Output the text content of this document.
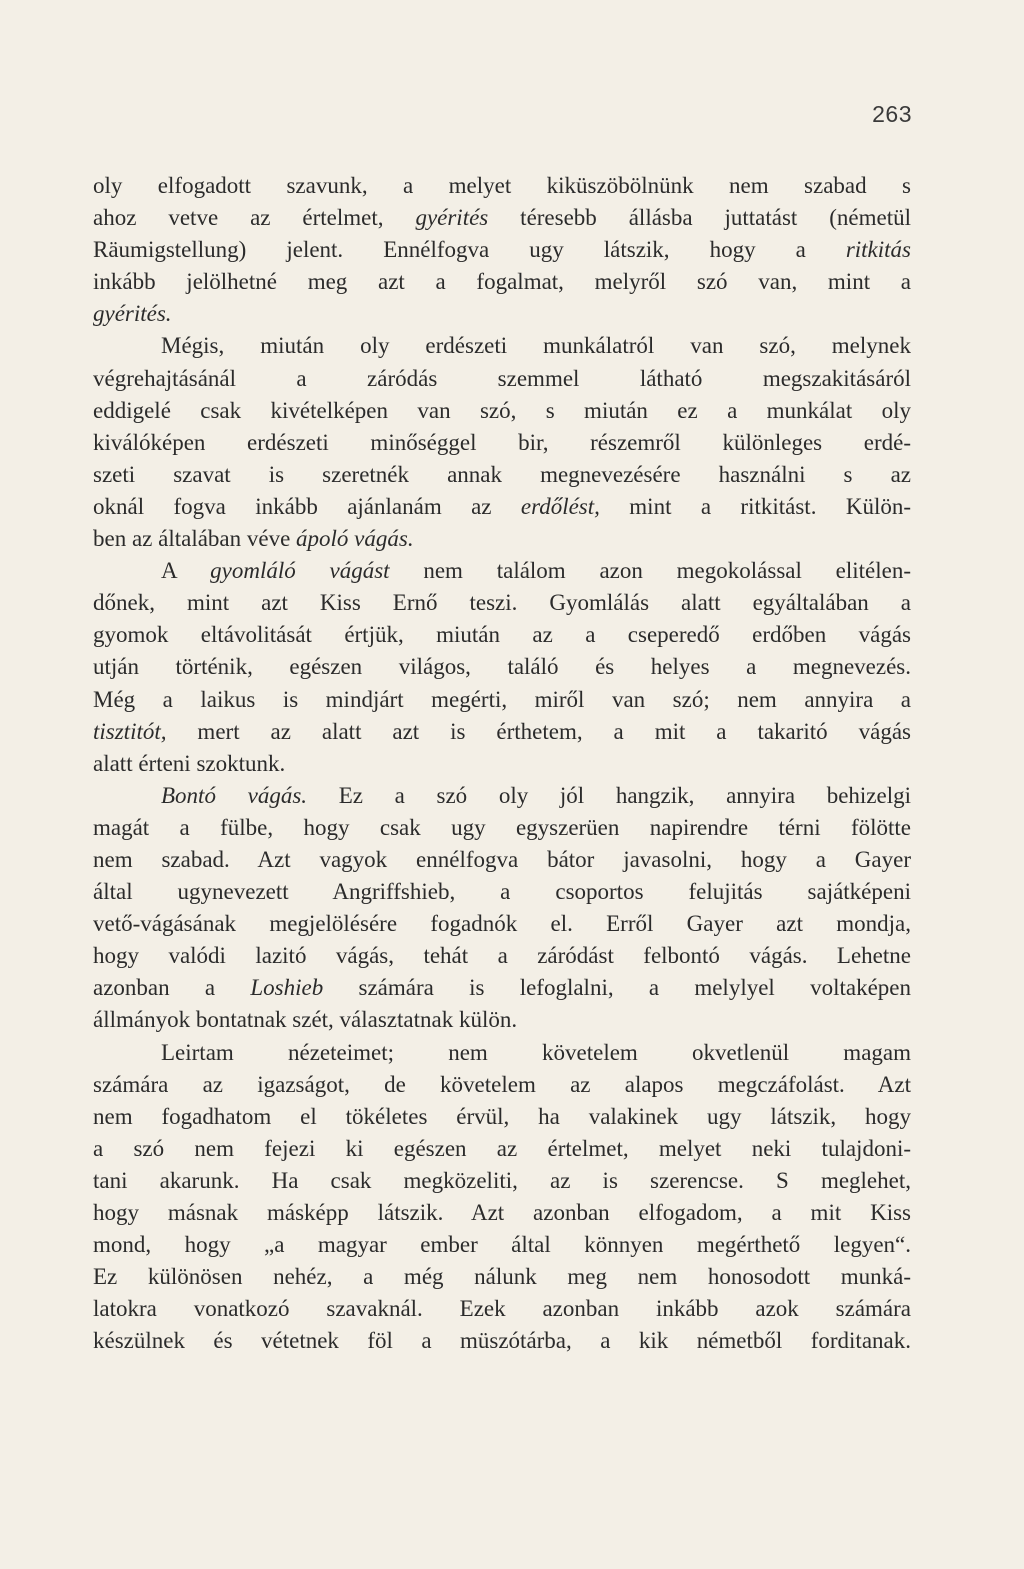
263
oly elfogadott szavunk, a melyet kiküszöbölnünk nem szabad s
ahoz vetve az értelmet, gyérités téresebb állásba juttatást (németül
Räumigstellung) jelent. Ennélfogva ugy látszik, hogy a ritkitás
inkább jelölhetné meg azt a fogalmat, melyről szó van, mint a
gyérités.
Mégis, miután oly erdészeti munkálatról van szó, melynek
végrehajtásánál a záródás szemmel látható megszakitásáról
eddigelé csak kivételképen van szó, s miután ez a munkálat oly
kiválóképen erdészeti minőséggel bir, részemről különleges erdé-
szeti szavat is szeretnék annak megnevezésére használni s az
oknál fogva inkább ajánlanám az erdőlést, mint a ritkitást. Külön-
ben az általában véve ápoló vágás.
A gyomláló vágást nem találom azon megokolással elitélen-
dőnek, mint azt Kiss Ernő teszi. Gyomlálás alatt egyáltalában a
gyomok eltávolitását értjük, miután az a cseperedő erdőben vágás
utján történik, egészen világos, találó és helyes a megnevezés.
Még a laikus is mindjárt megérti, miről van szó; nem annyira a
tisztitót, mert az alatt azt is érthetem, a mit a takaritó vágás
alatt érteni szoktunk.
Bontó vágás. Ez a szó oly jól hangzik, annyira behizelgi
magát a fülbe, hogy csak ugy egyszerüen napirendre térni fölötte
nem szabad. Azt vagyok ennélfogva bátor javasolni, hogy a Gayer
által ugynevezett Angriffshieb, a csoportos felujitás sajátképeni
vető-vágásának megjelölésére fogadnók el. Erről Gayer azt mondja,
hogy valódi lazitó vágás, tehát a záródást felbontó vágás. Lehetne
azonban a Loshieb számára is lefoglalni, a melylyel voltaképen
állmányok bontatnak szét, választatnak külön.
Leirtam nézeteimet; nem követelem okvetlenül magam
számára az igazságot, de követelem az alapos megczáfolást. Azt
nem fogadhatom el tökéletes érvül, ha valakinek ugy látszik, hogy
a szó nem fejezi ki egészen az értelmet, melyet neki tulajdoni-
tani akarunk. Ha csak megközeliti, az is szerencse. S meglehet,
hogy másnak másképp látszik. Azt azonban elfogadom, a mit Kiss
mond, hogy „a magyar ember által könnyen megérthető legyen“.
Ez különösen nehéz, a még nálunk meg nem honosodott munká-
latokra vonatkozó szavaknál. Ezek azonban inkább azok számára
készülnek és vétetnek föl a müszótárba, a kik németből forditanak.
